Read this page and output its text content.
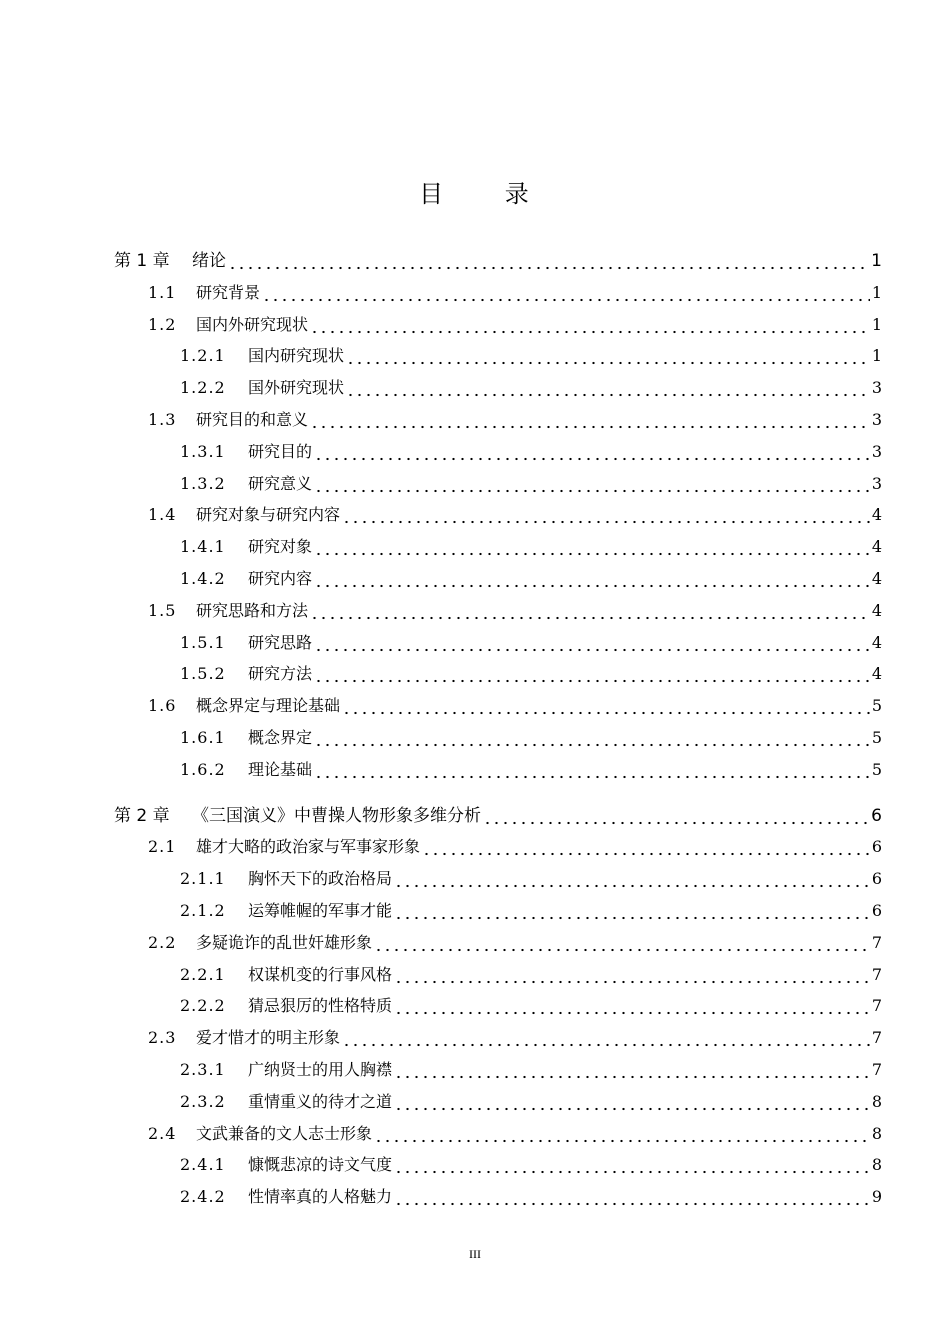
目 录
第 1 章	绪论	1
1.1	研究背景	1
1.2	国内外研究现状	1
1.2.1	国内研究现状	1
1.2.2	国外研究现状	3
1.3	研究目的和意义	3
1.3.1	研究目的	3
1.3.2	研究意义	3
1.4	研究对象与研究内容	4
1.4.1	研究对象	4
1.4.2	研究内容	4
1.5	研究思路和方法	4
1.5.1	研究思路	4
1.5.2	研究方法	4
1.6	概念界定与理论基础	5
1.6.1	概念界定	5
1.6.2	理论基础	5
第 2 章	《三国演义》中曹操人物形象多维分析	6
2.1	雄才大略的政治家与军事家形象	6
2.1.1	胸怀天下的政治格局	6
2.1.2	运筹帷幄的军事才能	6
2.2	多疑诡诈的乱世奸雄形象	7
2.2.1	权谋机变的行事风格	7
2.2.2	猜忌狠厉的性格特质	7
2.3	爱才惜才的明主形象	7
2.3.1	广纳贤士的用人胸襟	7
2.3.2	重情重义的待才之道	8
2.4	文武兼备的文人志士形象	8
2.4.1	慷慨悲凉的诗文气度	8
2.4.2	性情率真的人格魅力	9
III
